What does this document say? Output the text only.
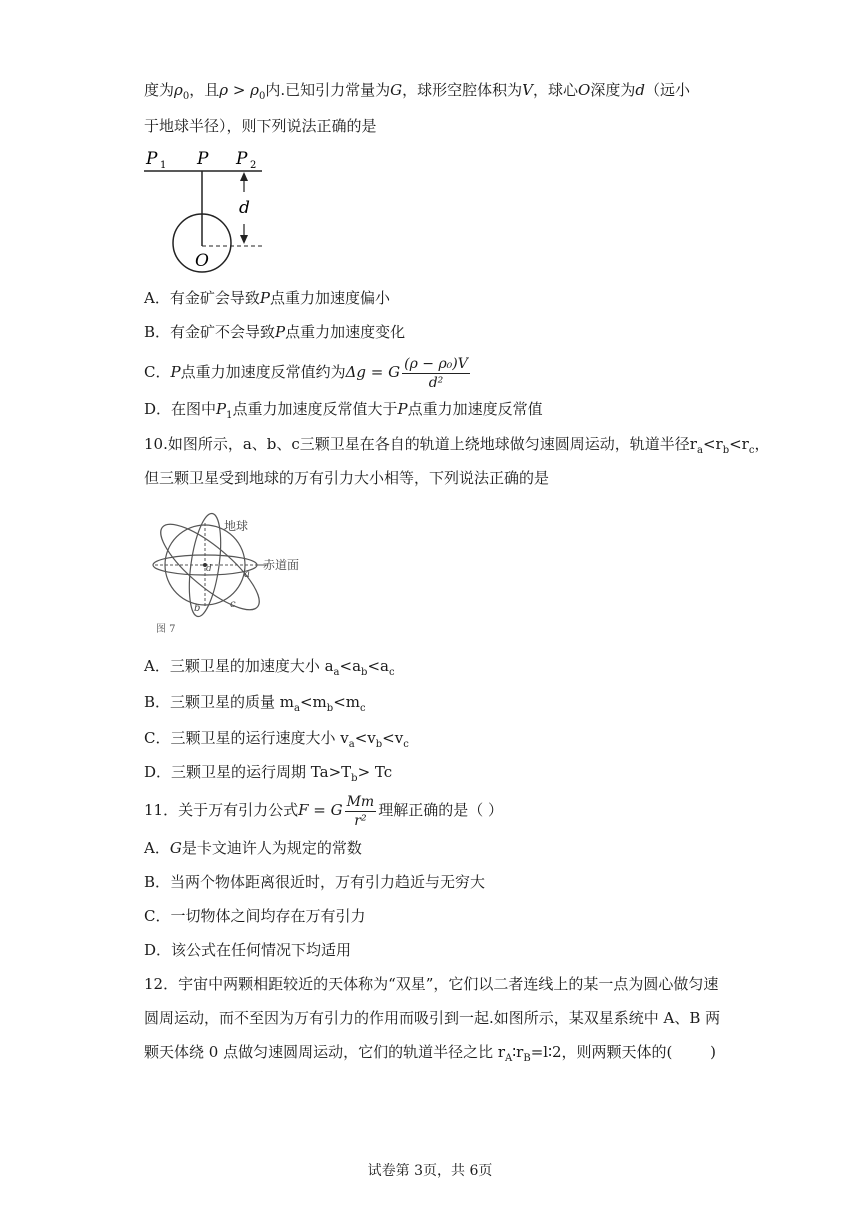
度为$\rho_0$，且$\rho > \rho_0$内.已知引力常量为G，球形空腔体积为V，球心O深度为d（远小
于地球半径），则下列说法正确的是
P 1 P P 2
d
O
A．有金矿会导致P点重力加速度偏小
B．有金矿不会导致P点重力加速度变化
C．P点重力加速度反常值约为Δg = G $\frac{\text{(ρ − ρ₀)V}}{\text{d²}}$
D．在图中$P_1$点重力加速度反常值大于P点重力加速度反常值
10.如图所示，a、b、c三颗卫星在各自的轨道上绕地球做匀速圆周运动，轨道半径$r_a<r_b<r_c$，
但三颗卫星受到地球的万有引力大小相等，下列说法正确的是
地球
赤道面
a
b	c
d
图 7
A．三颗卫星的加速度大小 $a_a<a_b<a_c$
B．三颗卫星的质量 $m_a<m_b<m_c$
C．三颗卫星的运行速度大小 $v_a<v_b<v_c$
D．三颗卫星的运行周期 $Ta>T_b> Tc$
11．关于万有引力公式F = G $\frac{Mm}{\text{r²}}$ 理解正确的是（ ）
A．G是卡文迪许人为规定的常数
B．当两个物体距离很近时，万有引力趋近与无穷大
C．一切物体之间均存在万有引力
D．该公式在任何情况下均适用
12．宇宙中两颗相距较近的天体称为“双星”，它们以二者连线上的某一点为圆心做匀速
圆周运动，而不至因为万有引力的作用而吸引到一起.如图所示，某双星系统中 A、B 两
颗天体绕 0 点做匀速圆周运动，它们的轨道半径之比 $r_A∶r_B=l∶2$，则两颗天体的(	)
试卷第 3页，共 6页
